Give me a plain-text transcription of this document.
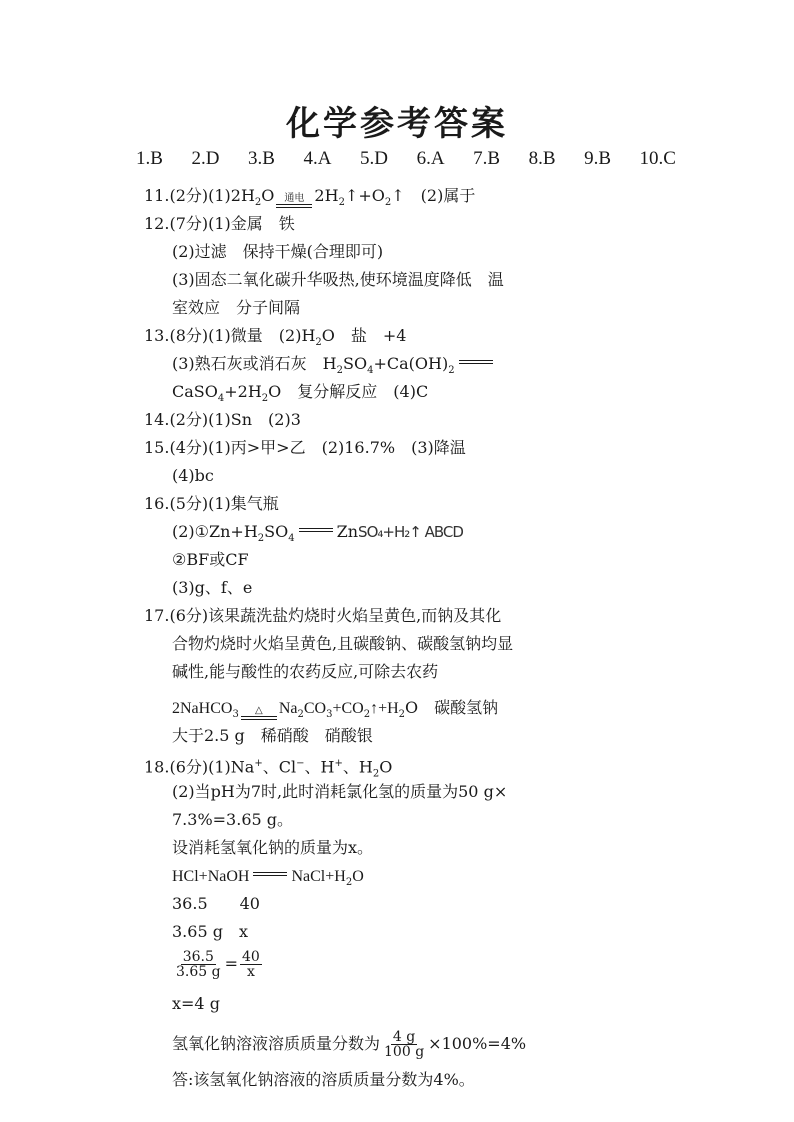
化学参考答案
1.B 2.D 3.B 4.A 5.D 6.A 7.B 8.B 9.B 10.C
11.(2分)$(1)2H_2O$ 通电 $2H_2↑+O_2↑$　(2)属于
12.(7分)(1)金属　铁
(2)过滤　保持干燥(合理即可)
(3)固态二氧化碳升华吸热,使环境温度降低　温
室效应　分子间隔
13.(8分)(1)微量　$(2)H_2O$　盐　+4
(3)熟石灰或消石灰　$H_2SO_4+Ca(OH)_2$
$CaSO_4+2H_2O$　复分解反应　(4)C
14.(2分)(1)Sn　(2)3
15.(4分)(1)丙>甲>乙　(2)16.7%　(3)降温
(4)bc
16.(5分)(1)集气瓶
$(2)①Zn+H_2SO_4$	ZnSO₄+H₂↑ ABCD
②BF或CF
(3)g、f、e
17.(6分)该果蔬洗盐灼烧时火焰呈黄色,而钠及其化
合物灼烧时火焰呈黄色,且碳酸钠、碳酸氢钠均显
碱性,能与酸性的农药反应,可除去农药
2NaHCO$_3$ △ $Na_2CO_3+CO_2↑+H_2O$　碳酸氢钠
大于2.5 g　稀硝酸　硝酸银
18.(6分)(1)Na+、Cl−、H+、$H_2O$
(2)当pH为7时,此时消耗氯化氢的质量为50 g×
7.3%=3.65 g。
设消耗氢氧化钠的质量为x。
HCl+NaOH	$NaCl+H_2O$
36.5　　40
3.65 g　x
$\frac{36.5}{3.65 g} = \frac{40}{x}$
x=4 g
氢氧化钠溶液溶质质量分数为 $\frac{4 g}{100 g} \times 100\%=4\%$
答:该氢氧化钠溶液的溶质质量分数为4%。
